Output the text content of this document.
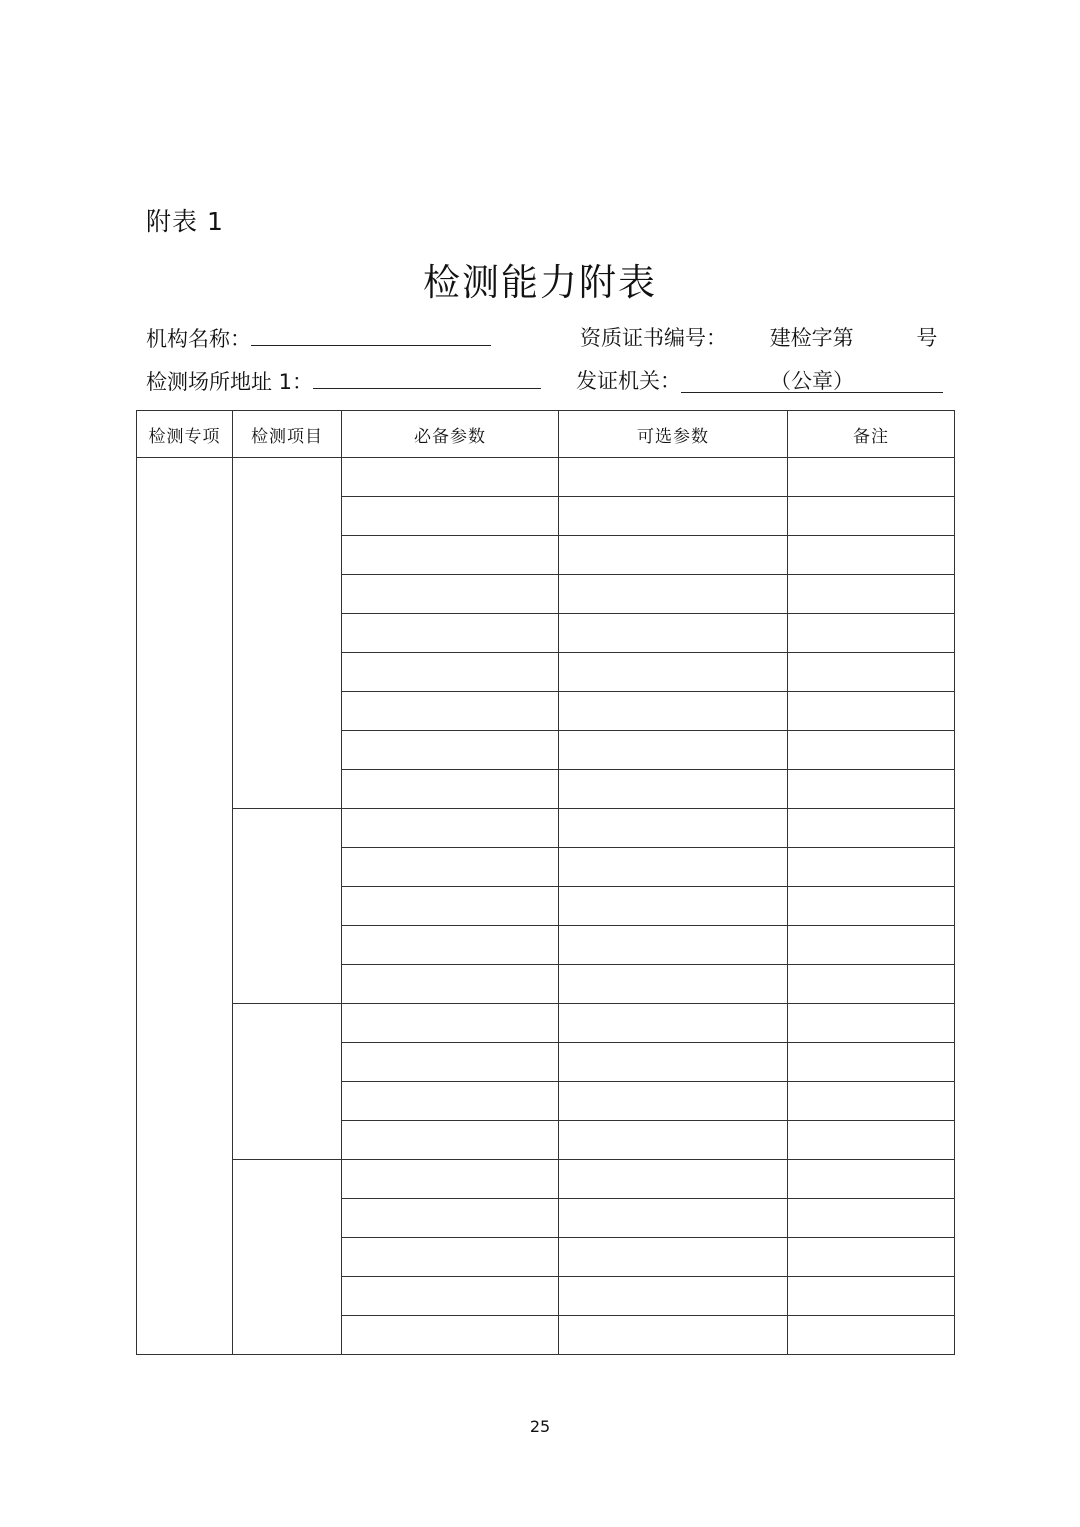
附表 1
检测能力附表
机构名称：	资质证书编号： 建检字第	号
检测场所地址 1：	发证机关：	（公章）
检测专项	检测项目	必备参数	可选参数	备注

25
